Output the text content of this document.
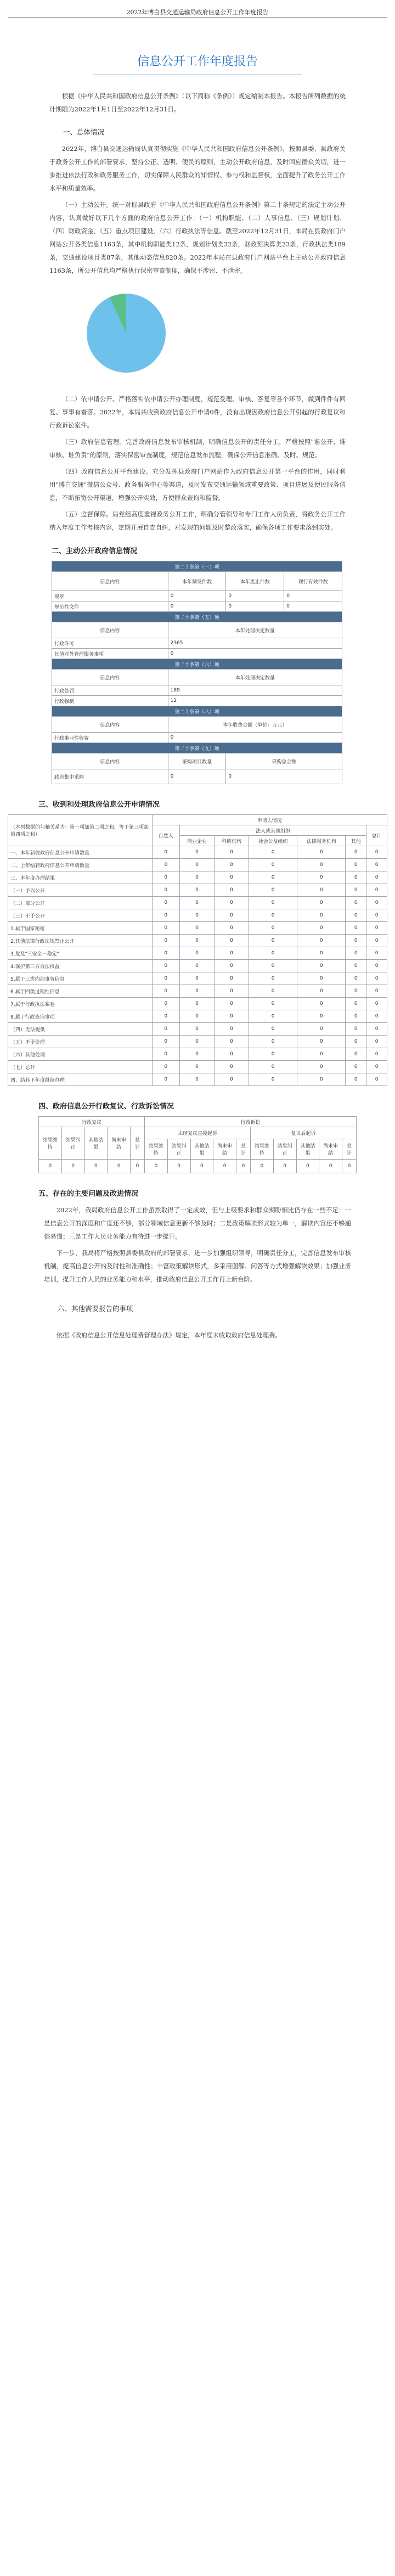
2022年博白县交通运输局政府信息公开工作年度报告
信息公开工作年度报告

根据《中华人民共和国政府信息公开条例》（以下简称《条例》）规定编制本报告。本报告所列数据的统计期限为2022年1月1日至2022年12月31日。

一、总体情况

2022年，博白县交通运输局认真贯彻实施《中华人民共和国政府信息公开条例》，按照县委、县政府关于政务公开工作的部署要求，坚持公正、透明、便民的原则，主动公开政府信息，及时回应群众关切，进一步推进依法行政和政务服务工作，切实保障人民群众的知情权、参与权和监督权，全面提升了政务公开工作水平和质量效率。

（一）主动公开。统一对标县政府《中华人民共和国政府信息公开条例》第二十条规定的法定主动公开内容，认真做好以下几个方面的政府信息公开工作：（一）机构职能、（二）人事信息、（三）规划计划、（四）财政资金、（五）重点项目建设、（六）行政执法等信息。截至2022年12月31日，本局在县政府门户网站公开各类信息1163条，其中机构职能类12条，规划计划类32条，财政预决算类23条，行政执法类189条，交通建设项目类87条，其他动态信息820条。2022年本局在县政府门户网站平台上主动公开政府信息1163条，所公开信息均严格执行保密审查制度，确保不涉密、不泄密。

（二）依申请公开。严格落实依申请公开办理制度，规范受理、审核、答复等各个环节，做到件件有回复、事事有着落。2022年，本局共收到政府信息公开申请0件，没有出现因政府信息公开引起的行政复议和行政诉讼案件。

（三）政府信息管理。完善政府信息发布审核机制，明确信息公开的责任分工，严格按照"谁公开、谁审核、谁负责"的原则，落实保密审查制度，规范信息发布流程，确保公开信息准确、及时、规范。

（四）政府信息公开平台建设。充分发挥县政府门户网站作为政府信息公开第一平台的作用，同时利用"博白交通"微信公众号、政务服务中心等渠道，及时发布交通运输领域重要政策、项目进展及便民服务信息，不断拓宽公开渠道，增强公开实效，方便群众查询和监督。

（五）监督保障。局党组高度重视政务公开工作，明确分管领导和专门工作人员负责，将政务公开工作纳入年度工作考核内容，定期开展自查自纠，对发现的问题及时整改落实，确保各项工作要求落到实处。

二、主动公开政府信息情况
第二十条第（一）项			
信息内容	本年制发件数	本年废止件数	现行有效件数
规章	0	0	0
规范性文件	0	0	0
第二十条第（五）项			
信息内容	本年处理决定数量		
行政许可	2365		
其他对外管理服务事项	0		
第二十条第（六）项			
信息内容	本年处理决定数量		
行政处罚	189		
行政强制	12		
第二十条第（八）项			
信息内容	本年收费金额（单位：万元）		
行政事业性收费	0		
第二十条第（九）项			
信息内容	采购项目数量	采购总金额	
政府集中采购	0	0	
三、收到和处理政府信息公开申请情况
（本列数据的勾稽关系为：第一项加第二项之和，等于第三项加第四项之和）	申请人情况						
	自然人	法人或其他组织					总计
		商业企业	科研机构	社会公益组织	法律服务机构	其他	
一、本年新收政府信息公开申请数量	0	0	0	0	0	0	0
二、上年结转政府信息公开申请数量	0	0	0	0	0	0	0
三、本年度办理结果	0	0	0	0	0	0	0
（一）予以公开	0	0	0	0	0	0	0
（二）部分公开	0	0	0	0	0	0	0
（三）不予公开	0	0	0	0	0	0	0
1.属于国家秘密	0	0	0	0	0	0	0
2.其他法律行政法规禁止公开	0	0	0	0	0	0	0
3.危及"三安全一稳定"	0	0	0	0	0	0	0
4.保护第三方合法权益	0	0	0	0	0	0	0
5.属于三类内部事务信息	0	0	0	0	0	0	0
6.属于四类过程性信息	0	0	0	0	0	0	0
7.属于行政执法案卷	0	0	0	0	0	0	0
8.属于行政查询事项	0	0	0	0	0	0	0
（四）无法提供	0	0	0	0	0	0	0
（五）不予处理	0	0	0	0	0	0	0
（六）其他处理	0	0	0	0	0	0	0
（七）总计	0	0	0	0	0	0	0
四、结转下年度继续办理	0	0	0	0	0	0	0
四、政府信息公开行政复议、行政诉讼情况
行政复议					行政诉讼									
结果维持	结果纠正	其他结果	尚未审结	总计	未经复议直接起诉					复议后起诉				
					结果维持	结果纠正	其他结果	尚未审结	总计	结果维持	结果纠正	其他结果	尚未审结	总计
0	0	0	0	0	0	0	0	0	0	0	0	0	0	0
五、存在的主要问题及改进情况

2022年，我局政府信息公开工作虽然取得了一定成效，但与上级要求和群众期盼相比仍存在一些不足：一是信息公开的深度和广度还不够，部分领域信息更新不够及时；二是政策解读形式较为单一，解读内容还不够通俗易懂；三是工作人员业务能力有待进一步提升。

下一步，我局将严格按照县委县政府的部署要求，进一步加强组织领导，明确责任分工，完善信息发布审核机制，提高信息公开的及时性和准确性；丰富政策解读形式，多采用图解、问答等方式增强解读效果；加强业务培训，提升工作人员的业务能力和水平，推动政府信息公开工作再上新台阶。

六、其他需要报告的事项

依据《政府信息公开信息处理费管理办法》规定，本年度未收取政府信息处理费。
